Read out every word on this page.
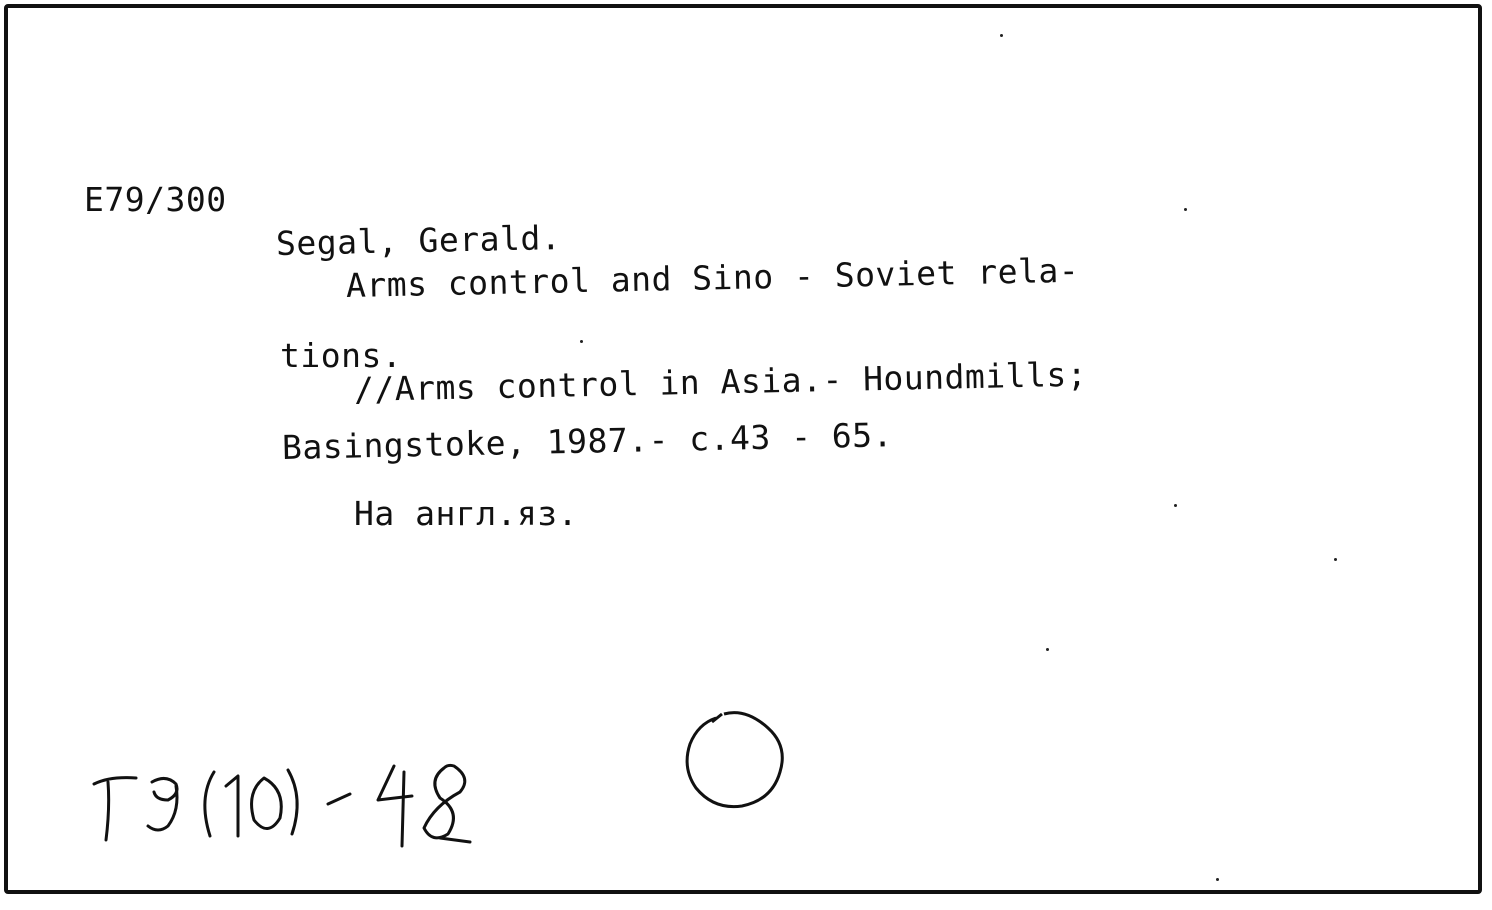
E79/300
Segal, Gerald.
Arms control and Sino - Soviet rela-
tions.
//Arms control in Asia.- Houndmills;
Basingstoke, 1987.- c.43 - 65.
На англ.яз.
